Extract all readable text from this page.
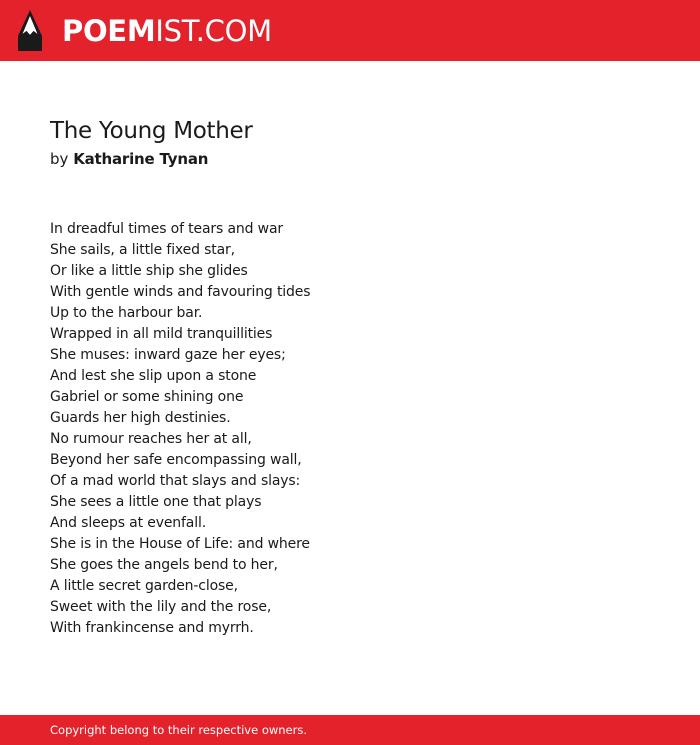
POEMIST.COM
The Young Mother
by Katharine Tynan
In dreadful times of tears and war
She sails, a little fixed star,
Or like a little ship she glides
With gentle winds and favouring tides
Up to the harbour bar.
Wrapped in all mild tranquillities
She muses: inward gaze her eyes;
And lest she slip upon a stone
Gabriel or some shining one
Guards her high destinies.
No rumour reaches her at all,
Beyond her safe encompassing wall,
Of a mad world that slays and slays:
She sees a little one that plays
And sleeps at evenfall.
She is in the House of Life: and where
She goes the angels bend to her,
A little secret garden-close,
Sweet with the lily and the rose,
With frankincense and myrrh.
Copyright belong to their respective owners.
